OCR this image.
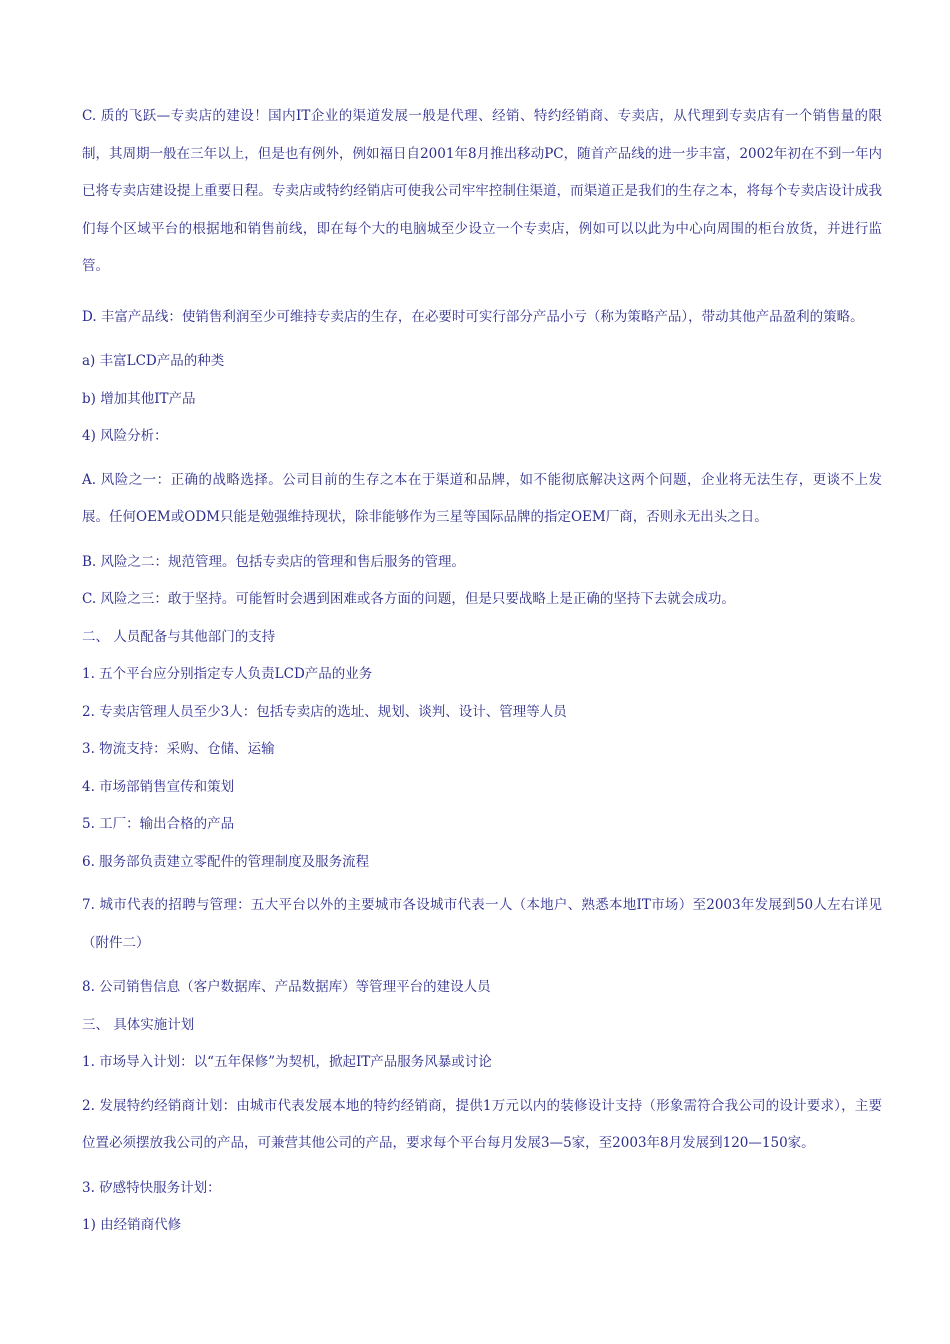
C. 质的飞跃—专卖店的建设！国内IT企业的渠道发展一般是代理、经销、特约经销商、专卖店，从代理到专卖店有一个销售量的限制，其周期一般在三年以上，但是也有例外，例如福日自2001年8月推出移动PC，随首产品线的进一步丰富，2002年初在不到一年内已将专卖店建设提上重要日程。专卖店或特约经销店可使我公司牢牢控制住渠道，而渠道正是我们的生存之本，将每个专卖店设计成我们每个区域平台的根据地和销售前线，即在每个大的电脑城至少设立一个专卖店，例如可以以此为中心向周围的柜台放货，并进行监管。

D. 丰富产品线：使销售利润至少可维持专卖店的生存，在必要时可实行部分产品小亏（称为策略产品），带动其他产品盈利的策略。

a) 丰富LCD产品的种类

b) 增加其他IT产品

4) 风险分析：

A. 风险之一：正确的战略选择。公司目前的生存之本在于渠道和品牌，如不能彻底解决这两个问题，企业将无法生存，更谈不上发展。任何OEM或ODM只能是勉强维持现状，除非能够作为三星等国际品牌的指定OEM厂商，否则永无出头之日。

B. 风险之二：规范管理。包括专卖店的管理和售后服务的管理。

C. 风险之三：敢于坚持。可能暂时会遇到困难或各方面的问题，但是只要战略上是正确的坚持下去就会成功。

二、 人员配备与其他部门的支持

1. 五个平台应分别指定专人负责LCD产品的业务

2. 专卖店管理人员至少3人：包括专卖店的选址、规划、谈判、设计、管理等人员

3. 物流支持：采购、仓储、运输

4. 市场部销售宣传和策划

5. 工厂：输出合格的产品

6. 服务部负责建立零配件的管理制度及服务流程

7. 城市代表的招聘与管理：五大平台以外的主要城市各设城市代表一人（本地户、熟悉本地IT市场）至2003年发展到50人左右详见（附件二）

8. 公司销售信息（客户数据库、产品数据库）等管理平台的建设人员

三、 具体实施计划

1. 市场导入计划：以“五年保修”为契机，掀起IT产品服务风暴或讨论

2. 发展特约经销商计划：由城市代表发展本地的特约经销商，提供1万元以内的装修设计支持（形象需符合我公司的设计要求），主要位置必须摆放我公司的产品，可兼营其他公司的产品，要求每个平台每月发展3—5家，至2003年8月发展到120—150家。

3. 矽感特快服务计划：

1) 由经销商代修
